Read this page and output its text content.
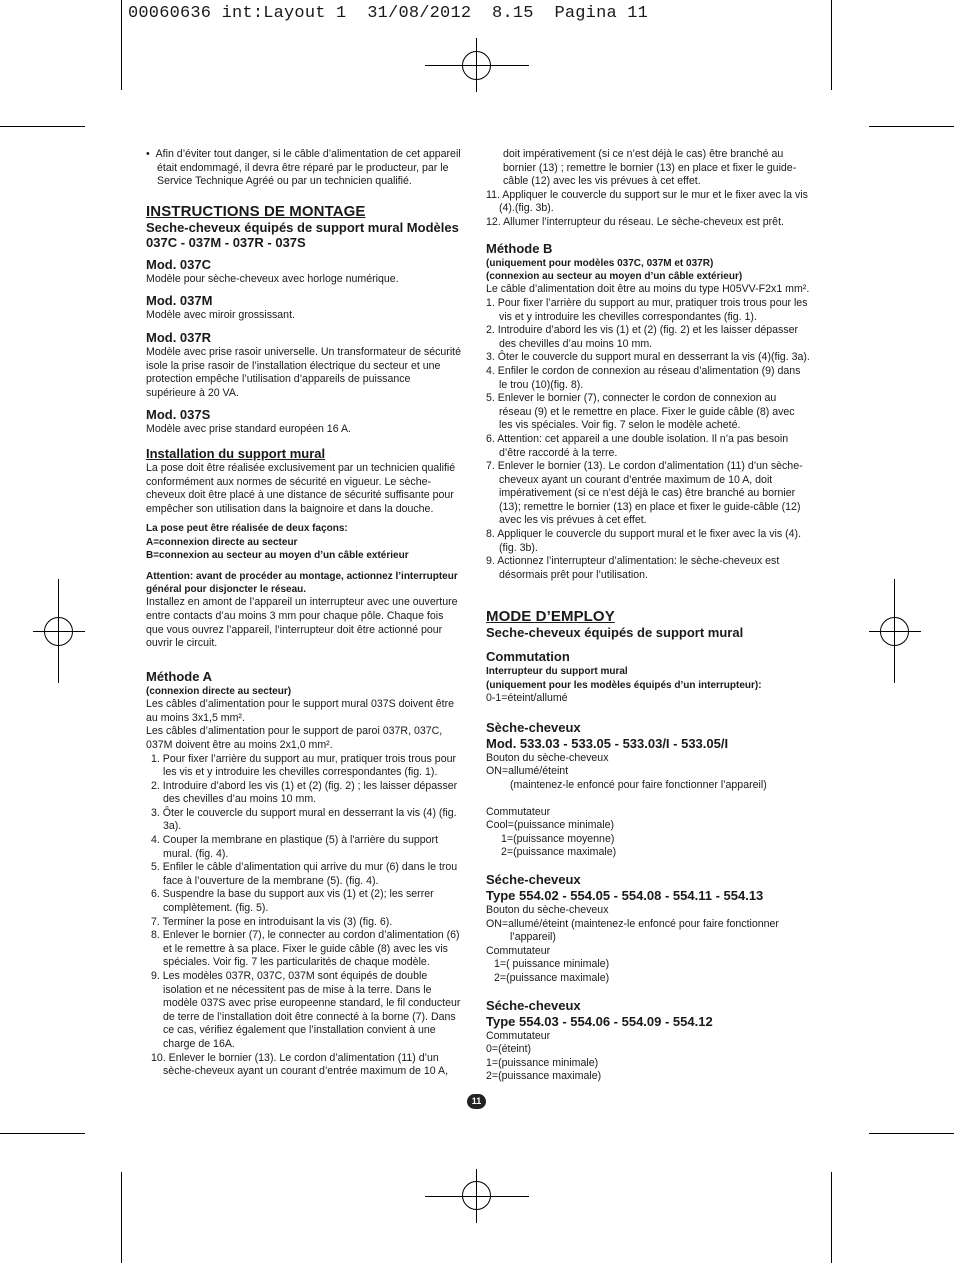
00060636 int:Layout 1  31/08/2012  8.15  Pagina 11

•  Afin d’éviter tout danger, si le câble d’alimentation de cet appareil était endommagé, il devra être réparé par le producteur, par le Service Technique Agréé ou par un technicien qualifié.

INSTRUCTIONS DE MONTAGE
Seche-cheveux équipés de support mural Modèles 037C - 037M - 037R - 037S
Mod. 037C

Modèle pour sèche-cheveux avec horloge numérique.

Mod. 037M

Modèle avec miroir grossissant.

Mod. 037R

Modèle avec prise rasoir universelle. Un transformateur de sécurité isole la prise rasoir de l’installation électrique du secteur et une protection empêche l’utilisation d’appareils de puissance supérieure à 20 VA.

Mod. 037S

Modèle avec prise standard européen 16 A.

Installation du support mural

La pose doit être réalisée exclusivement par un technicien qualifié conformément aux normes de sécurité en vigueur. Le sèche-cheveux doit être placé à une distance de sécurité suffisante pour empêcher son utilisation dans la baignoire et dans la douche.

La pose peut être réalisée de deux façons:
A=connexion directe au secteur
B=connexion au secteur au moyen d’un câble extérieur
Attention: avant de procéder au montage, actionnez l’interrupteur général pour disjoncter le réseau.

Installez en amont de l’appareil un interrupteur avec une ouverture entre contacts d’au moins 3 mm pour chaque pôle. Chaque fois que vous ouvrez l’appareil, l’interrupteur doit être actionné pour ouvrir le circuit.

Méthode A
(connexion directe au secteur)

Les câbles d’alimentation pour le support mural 037S doivent être au moins 3x1,5 mm².

Les câbles d’alimentation pour le support de paroi 037R, 037C, 037M doivent être au moins 2x1,0 mm².

1. Pour fixer l’arrière du support au mur, pratiquer trois trous pour les vis et y introduire les chevilles correspondantes (fig. 1).
2. Introduire d’abord les vis (1) et (2) (fig. 2) ; les laisser dépasser des chevilles d’au moins 10 mm.
3. Ôter le couvercle du support mural en desserrant la vis (4) (fig. 3a).
4. Couper la membrane en plastique (5) à l'arrière du support mural. (fig. 4).
5. Enfiler le câble d’alimentation qui arrive du mur (6) dans le trou face à l’ouverture de la membrane (5). (fig. 4).
6. Suspendre la base du support aux vis (1) et (2); les serrer complètement. (fig. 5).
7. Terminer la pose en introduisant la vis (3) (fig. 6).
8. Enlever le bornier (7), le connecter au cordon d’alimentation (6) et le remettre à sa place. Fixer le guide câble (8) avec les vis spéciales. Voir fig. 7 les particularités de chaque modèle.
9. Les modèles 037R, 037C, 037M sont équipés de double isolation et ne nécessitent pas de mise à la terre. Dans le modèle 037S avec prise europeenne standard, le fil conducteur de terre de l’installation doit être connecté à la borne (7). Dans ce cas, vérifiez également que l’installation convient à une charge de 16A.
10. Enlever le bornier (13). Le cordon d’alimentation (11) d’un sèche-cheveux ayant un courant d’entrée maximum de 10 A,

doit impérativement (si ce n’est déjà le cas) être branché au bornier (13) ; remettre le bornier (13) en place et fixer le guide-câble (12) avec les vis prévues à cet effet.

11. Appliquer le couvercle du support sur le mur et le fixer avec la vis (4).(fig. 3b).
12. Allumer l’interrupteur du réseau. Le sèche-cheveux est prêt.
Méthode B
(uniquement pour modèles 037C, 037M et 037R)
(connexion au secteur au moyen d’un câble extérieur)

Le câble d’alimentation doit être au moins du type H05VV-F2x1 mm².

1. Pour fixer l’arrière du support au mur, pratiquer trois trous pour les vis et y introduire les chevilles correspondantes (fig. 1).
2. Introduire d’abord les vis (1) et (2) (fig. 2) et les laisser dépasser des chevilles d’au moins 10 mm.
3. Ôter le couvercle du support mural en desserrant la vis (4)(fig. 3a).
4. Enfiler le cordon de connexion au réseau d’alimentation (9) dans le trou (10)(fig. 8).
5. Enlever le bornier (7), connecter le cordon de connexion au réseau (9) et le remettre en place. Fixer le guide câble (8) avec les vis spéciales. Voir fig. 7 selon le modèle acheté.
6. Attention: cet appareil a une double isolation. Il n’a pas besoin d’être raccordé à la terre.
7. Enlever le bornier (13). Le cordon d’alimentation (11) d’un sèche-cheveux ayant un courant d’entrée maximum de 10 A, doit impérativement (si ce n’est déjà le cas) être branché au bornier (13); remettre le bornier (13) en place et fixer le guide-câble (12) avec les vis prévues à cet effet.
8. Appliquer le couvercle du support mural et le fixer avec la vis (4).(fig. 3b).
9. Actionnez l’interrupteur d’alimentation: le sèche-cheveux est désormais prêt pour l’utilisation.
MODE D’EMPLOY
Seche-cheveux équipés de support mural
Commutation
Interrupteur du support mural
(uniquement pour les modèles équipés d’un interrupteur):

0-1=éteint/allumé

Sèche-cheveux
Mod. 533.03 - 533.05 - 533.03/I - 533.05/I

Bouton du sèche-cheveux

ON=allumé/éteint

(maintenez-le enfoncé pour faire fonctionner l’appareil)

Commutateur

Cool=(puissance minimale)

1=(puissance moyenne)

2=(puissance maximale)

Séche-cheveux
Type 554.02 - 554.05 - 554.08 - 554.11 - 554.13

Bouton du sèche-cheveux

ON=allumé/éteint (maintenez-le enfoncé pour faire fonctionner l’appareil)

Commutateur

1=( puissance minimale)

2=(puissance maximale)

Séche-cheveux
Type 554.03 - 554.06 - 554.09 - 554.12

Commutateur

0=(éteint)

1=(puissance minimale)

2=(puissance maximale)

11
